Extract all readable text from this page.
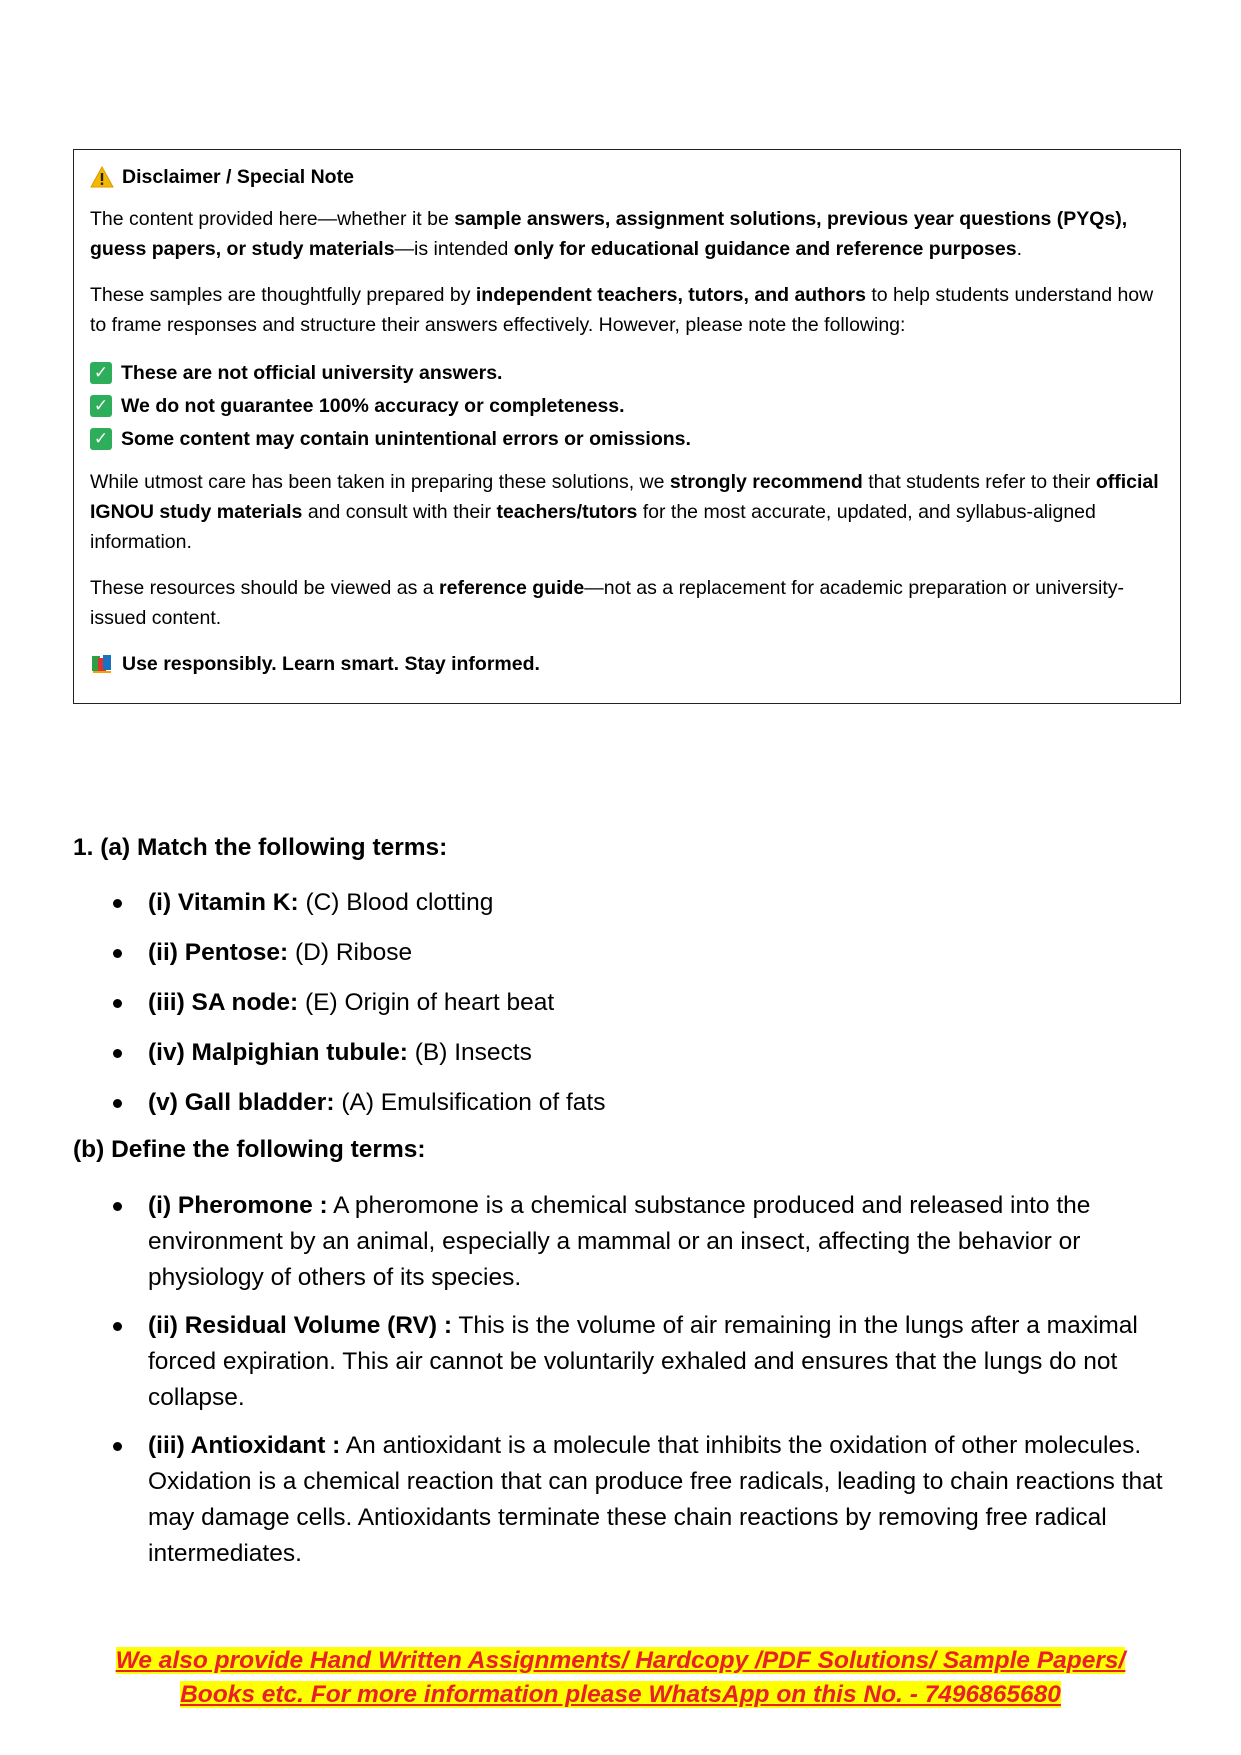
Disclaimer / Special Note

The content provided here—whether it be sample answers, assignment solutions, previous year questions (PYQs), guess papers, or study materials—is intended only for educational guidance and reference purposes.

These samples are thoughtfully prepared by independent teachers, tutors, and authors to help students understand how to frame responses and structure their answers effectively. However, please note the following:

✓ These are not official university answers.
✓ We do not guarantee 100% accuracy or completeness.
✓ Some content may contain unintentional errors or omissions.

While utmost care has been taken in preparing these solutions, we strongly recommend that students refer to their official IGNOU study materials and consult with their teachers/tutors for the most accurate, updated, and syllabus-aligned information.

These resources should be viewed as a reference guide—not as a replacement for academic preparation or university-issued content.

Use responsibly. Learn smart. Stay informed.

1. (a) Match the following terms:

(i) Vitamin K: (C) Blood clotting
(ii) Pentose: (D) Ribose
(iii) SA node: (E) Origin of heart beat
(iv) Malpighian tubule: (B) Insects
(v) Gall bladder: (A) Emulsification of fats

(b) Define the following terms:

(i) Pheromone : A pheromone is a chemical substance produced and released into the environment by an animal, especially a mammal or an insect, affecting the behavior or physiology of others of its species.
(ii) Residual Volume (RV) : This is the volume of air remaining in the lungs after a maximal forced expiration. This air cannot be voluntarily exhaled and ensures that the lungs do not collapse.
(iii) Antioxidant : An antioxidant is a molecule that inhibits the oxidation of other molecules. Oxidation is a chemical reaction that can produce free radicals, leading to chain reactions that may damage cells. Antioxidants terminate these chain reactions by removing free radical intermediates.
We also provide Hand Written Assignments/ Hardcopy /PDF Solutions/ Sample Papers/
Books etc. For more information please WhatsApp on this No. - 7496865680
